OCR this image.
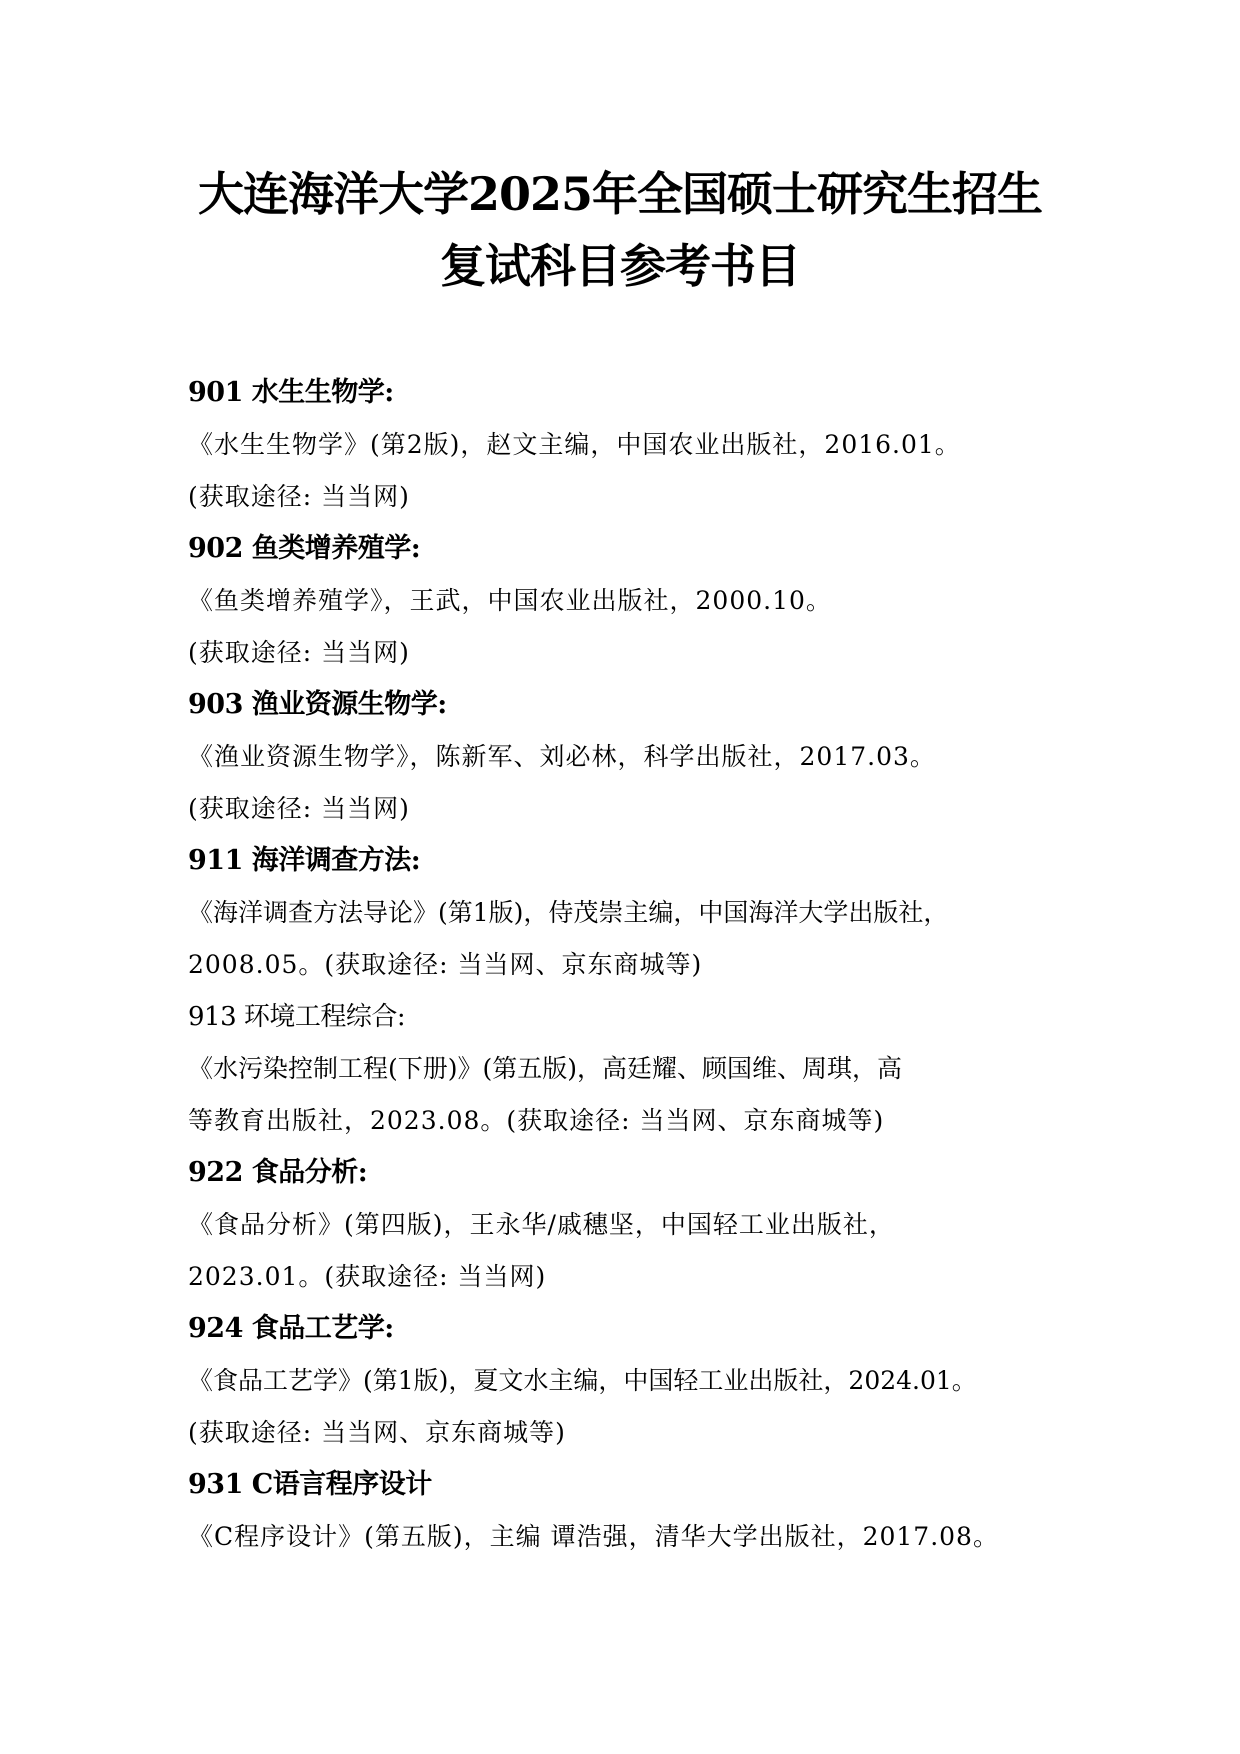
大连海洋大学2025年全国硕士研究生招生
复试科目参考书目
901 水生生物学:
《水生生物学》(第2版)，赵文主编，中国农业出版社，2016.01。
(获取途径: 当当网)
902 鱼类增养殖学:
《鱼类增养殖学》，王武，中国农业出版社，2000.10。
(获取途径: 当当网)
903 渔业资源生物学:
《渔业资源生物学》，陈新军、刘必林，科学出版社，2017.03。
(获取途径: 当当网)
911 海洋调查方法:
《海洋调查方法导论》(第1版)，侍茂崇主编，中国海洋大学出版社，
2008.05。(获取途径: 当当网、京东商城等)
913 环境工程综合:
《水污染控制工程(下册)》(第五版)，高廷耀、顾国维、周琪，高
等教育出版社，2023.08。(获取途径: 当当网、京东商城等)
922 食品分析:
《食品分析》(第四版)，王永华/戚穗坚，中国轻工业出版社，
2023.01。(获取途径: 当当网)
924 食品工艺学:
《食品工艺学》(第1版)，夏文水主编，中国轻工业出版社，2024.01。
(获取途径: 当当网、京东商城等)
931 C语言程序设计
《C程序设计》(第五版)，主编 谭浩强，清华大学出版社，2017.08。
